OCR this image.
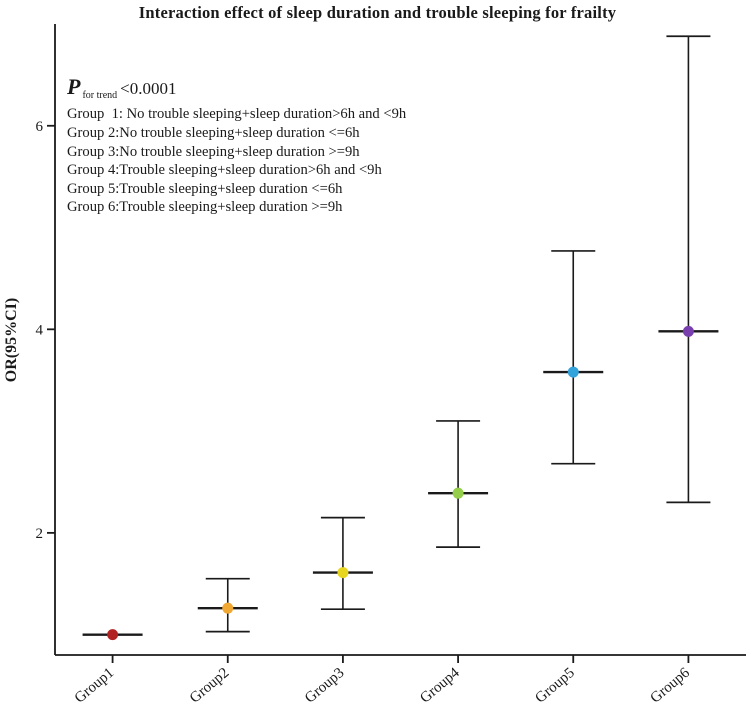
OR(95%CI)
2
4
6
Group1	Group2	Group3	Group4	Group5	Group6
Interaction effect of sleep duration and trouble sleeping for frailty
P $_{for trend}$ <0.0001
Group  1: No trouble sleeping+sleep duration>6h and <9h
Group 2:No trouble sleeping+sleep duration <=6h
Group 3:No trouble sleeping+sleep duration >=9h
Group 4:Trouble sleeping+sleep duration>6h and <9h
Group 5:Trouble sleeping+sleep duration <=6h
Group 6:Trouble sleeping+sleep duration >=9h
